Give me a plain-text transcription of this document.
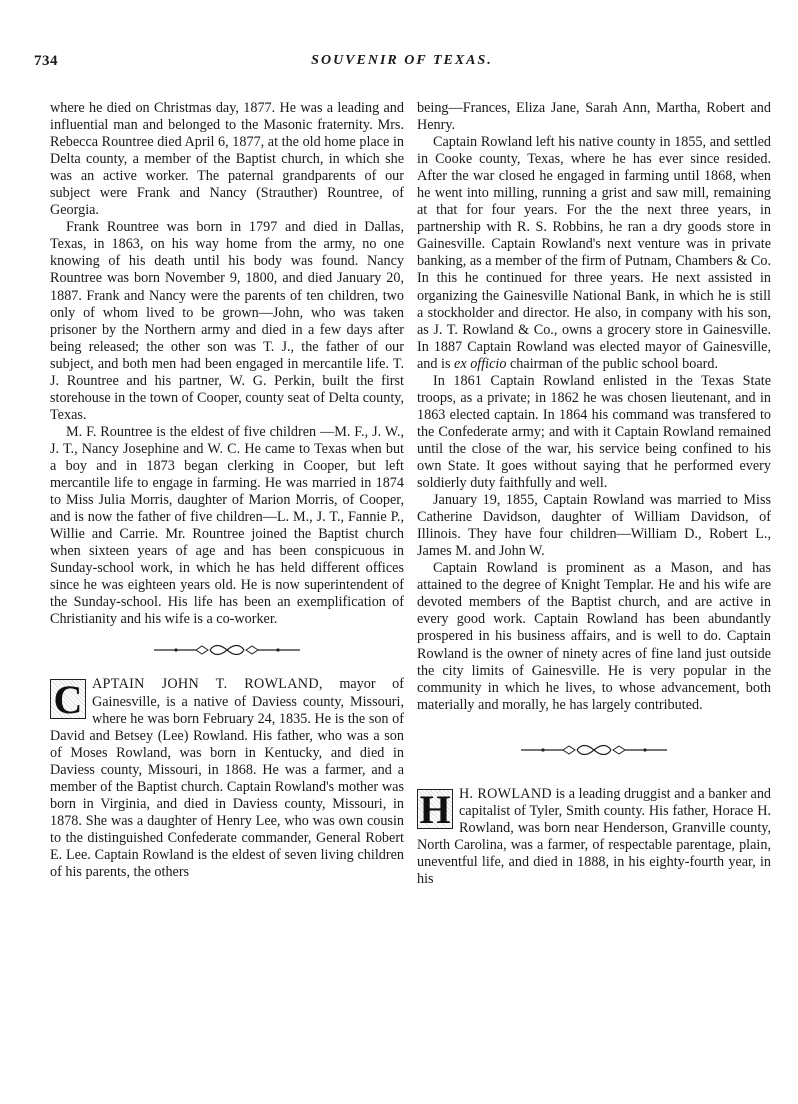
734	SOUVENIR OF TEXAS.

where he died on Christmas day, 1877. He was a leading and influential man and belonged to the Masonic fraternity. Mrs. Rebecca Rountree died April 6, 1877, at the old home place in Delta county, a member of the Baptist church, in which she was an active worker. The paternal grandparents of our subject were Frank and Nancy (Strauther) Rountree, of Georgia.

Frank Rountree was born in 1797 and died in Dallas, Texas, in 1863, on his way home from the army, no one knowing of his death until his body was found. Nancy Rountree was born November 9, 1800, and died January 20, 1887. Frank and Nancy were the parents of ten children, two only of whom lived to be grown—John, who was taken prisoner by the Northern army and died in a few days after being released; the other son was T. J., the father of our subject, and both men had been engaged in mercantile life. T. J. Rountree and his partner, W. G. Perkin, built the first storehouse in the town of Cooper, county seat of Delta county, Texas.

M. F. Rountree is the eldest of five children —M. F., J. W., J. T., Nancy Josephine and W. C. He came to Texas when but a boy and in 1873 began clerking in Cooper, but left mercantile life to engage in farming. He was married in 1874 to Miss Julia Morris, daughter of Marion Morris, of Cooper, and is now the father of five children—L. M., J. T., Fannie P., Willie and Carrie. Mr. Rountree joined the Baptist church when sixteen years of age and has been conspicuous in Sunday-school work, in which he has held different offices since he was eighteen years old. He is now superintendent of the Sunday-school. His life has been an exemplification of Christianity and his wife is a co-worker.

C APTAIN JOHN T. ROWLAND, mayor of Gainesville, is a native of Daviess county, Missouri, where he was born February 24, 1835. He is the son of David and Betsey (Lee) Rowland. His father, who was a son of Moses Rowland, was born in Kentucky, and died in Daviess county, Missouri, in 1868. He was a farmer, and a member of the Baptist church. Captain Rowland's mother was born in Virginia, and died in Daviess county, Missouri, in 1878. She was a daughter of Henry Lee, who was own cousin to the distinguished Confederate commander, General Robert E. Lee. Captain Rowland is the eldest of seven living children of his parents, the others

being—Frances, Eliza Jane, Sarah Ann, Martha, Robert and Henry.

Captain Rowland left his native county in 1855, and settled in Cooke county, Texas, where he has ever since resided. After the war closed he engaged in farming until 1868, when he went into milling, running a grist and saw mill, remaining at that for four years. For the the next three years, in partnership with R. S. Robbins, he ran a dry goods store in Gainesville. Captain Rowland's next venture was in private banking, as a member of the firm of Putnam, Chambers & Co. In this he continued for three years. He next assisted in organizing the Gainesville National Bank, in which he is still a stockholder and director. He also, in company with his son, as J. T. Rowland & Co., owns a grocery store in Gainesville. In 1887 Captain Rowland was elected mayor of Gainesville, and is ex officio chairman of the public school board.

In 1861 Captain Rowland enlisted in the Texas State troops, as a private; in 1862 he was chosen lieutenant, and in 1863 elected captain. In 1864 his command was transfered to the Confederate army; and with it Captain Rowland remained until the close of the war, his service being confined to his own State. It goes without saying that he performed every soldierly duty faithfully and well.

January 19, 1855, Captain Rowland was married to Miss Catherine Davidson, daughter of William Davidson, of Illinois. They have four children—William D., Robert L., James M. and John W.

Captain Rowland is prominent as a Mason, and has attained to the degree of Knight Templar. He and his wife are devoted members of the Baptist church, and are active in every good work. Captain Rowland has been abundantly prospered in his business affairs, and is well to do. Captain Rowland is the owner of ninety acres of fine land just outside the city limits of Gainesville. He is very popular in the community in which he lives, to whose advancement, both materially and morally, he has largely contributed.

H H. ROWLAND is a leading druggist and a banker and capitalist of Tyler, Smith county. His father, Horace H. Rowland, was born near Henderson, Granville county, North Carolina, was a farmer, of respectable parentage, plain, uneventful life, and died in 1888, in his eighty-fourth year, in his
